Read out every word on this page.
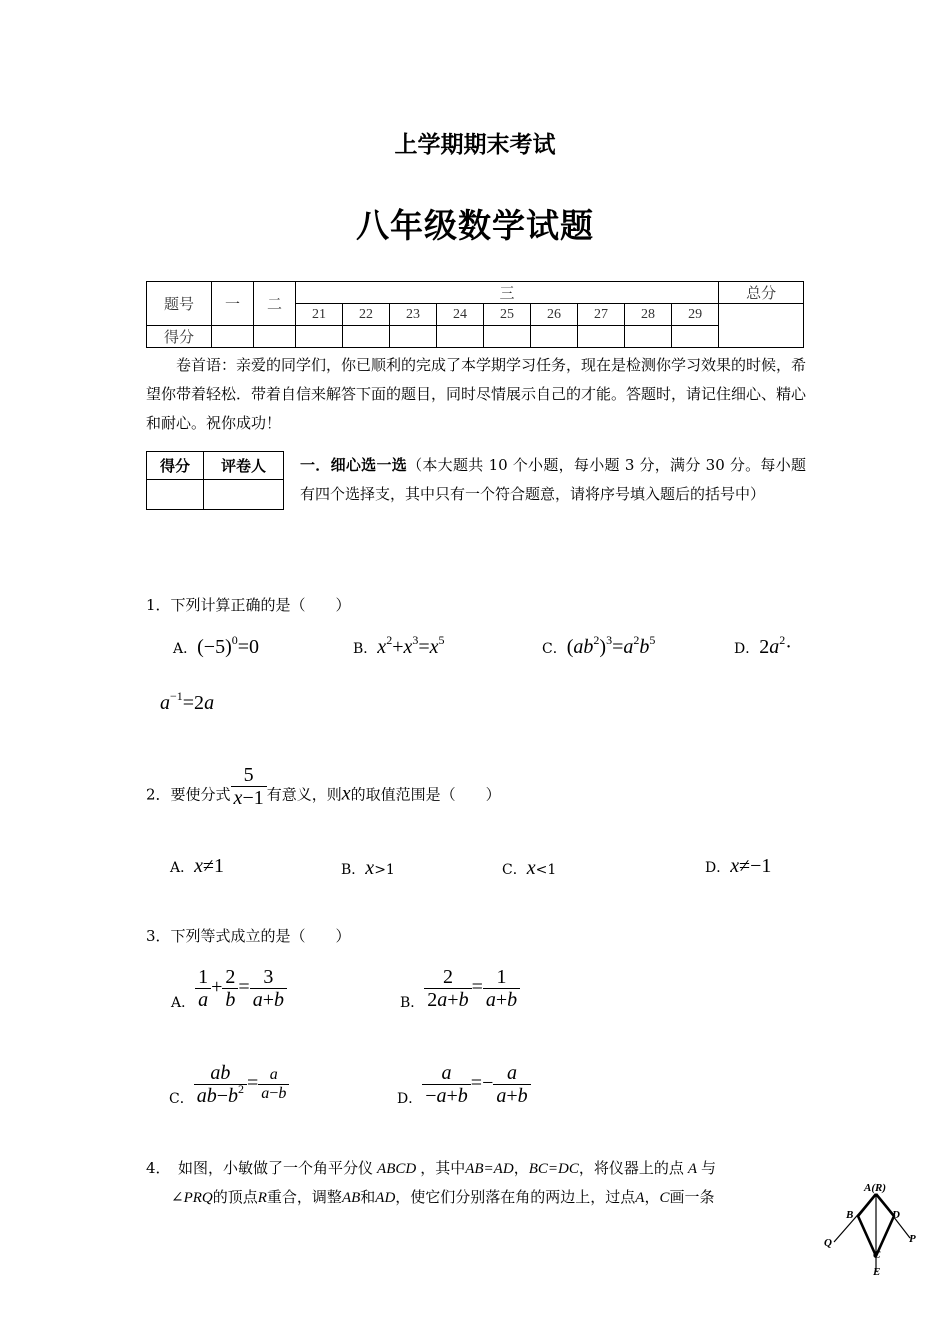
上学期期末考试
八年级数学试题
题号	一	二	三									总分
			21	22	23	24	25	26	27	28	29	
得分												
卷首语：亲爱的同学们，你已顺利的完成了本学期学习任务，现在是检测你学习效果的时候，希望你带着轻松．带着自信来解答下面的题目，同时尽情展示自己的才能。答题时，请记住细心、精心和耐心。祝你成功！
得分	评卷人
	一．细心选一选（本大题共 10 个小题，每小题 3 分，满分 30 分。每小题有四个选择支，其中只有一个符合题意，请将序号填入题后的括号中）
1．下列计算正确的是（　　）
A．$(-5)^0=0$	B．$x^2+x^3=x^5$
C．$(ab^2)^3=a^2b^5$
D．$2a^2\cdot$
$a^{-1}=2a$
2．要使分式 $\frac{5}{x-1}$ 有意义，则x的取值范围是（　　）
A．x≠1	B．x>1	C．x<1	D．x≠−1
3．下列等式成立的是（　　）
A． $\frac{1}{a} + \frac{2}{b} = \frac{3}{a+b}$	B． $\frac{2}{2a+b} = \frac{1}{a+b}$
C． $\frac{ab}{ab-b^2} = \frac{a}{a-b}$	D． $\frac{a}{-a+b} =- \frac{a}{a+b}$
4．　如图，小敏做了一个角平分仪 ABCD ，其中AB=AD，BC=DC，将仪器上的点 A 与
∠PRQ的顶点R重合，调整AB和AD，使它们分别落在角的两边上，过点A，C画一条	A(R)
B	D
C
E
Q	P
